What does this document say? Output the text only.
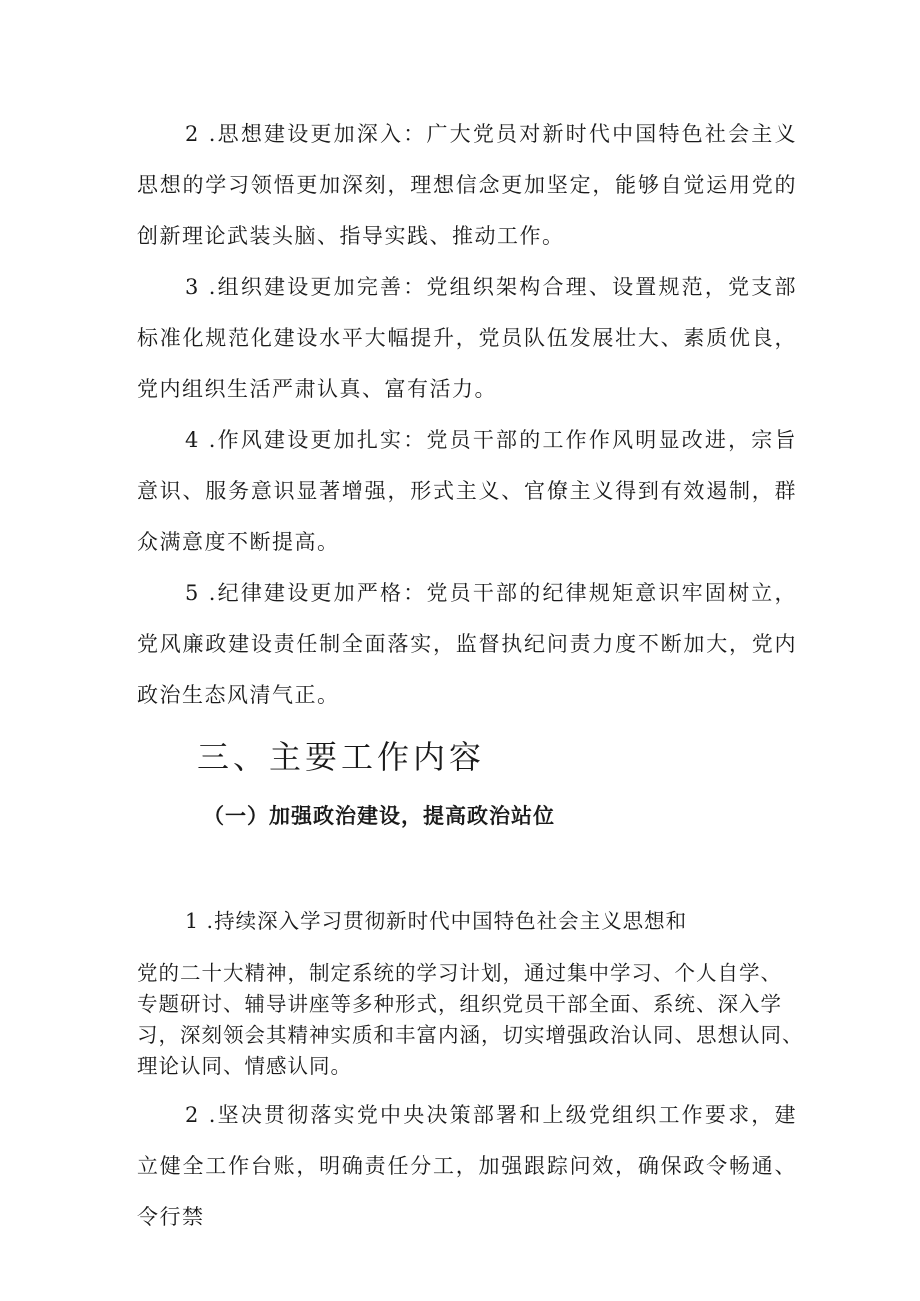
2 .思想建设更加深入：广大党员对新时代中国特色社会主义思想的学习领悟更加深刻，理想信念更加坚定，能够自觉运用党的创新理论武装头脑、指导实践、推动工作。

3 .组织建设更加完善：党组织架构合理、设置规范，党支部标准化规范化建设水平大幅提升，党员队伍发展壮大、素质优良，党内组织生活严肃认真、富有活力。

4 .作风建设更加扎实：党员干部的工作作风明显改进，宗旨意识、服务意识显著增强，形式主义、官僚主义得到有效遏制，群众满意度不断提高。

5 .纪律建设更加严格：党员干部的纪律规矩意识牢固树立，党风廉政建设责任制全面落实，监督执纪问责力度不断加大，党内政治生态风清气正。

三、主要工作内容
（一）加强政治建设，提高政治站位

1 .持续深入学习贯彻新时代中国特色社会主义思想和

党的二十大精神，制定系统的学习计划，通过集中学习、个人自学、

专题研讨、辅导讲座等多种形式，组织党员干部全面、系统、深入学

习，深刻领会其精神实质和丰富内涵，切实增强政治认同、思想认同、

理论认同、情感认同。

2 .坚决贯彻落实党中央决策部署和上级党组织工作要求，建立健全工作台账，明确责任分工，加强跟踪问效，确保政令畅通、令行禁
